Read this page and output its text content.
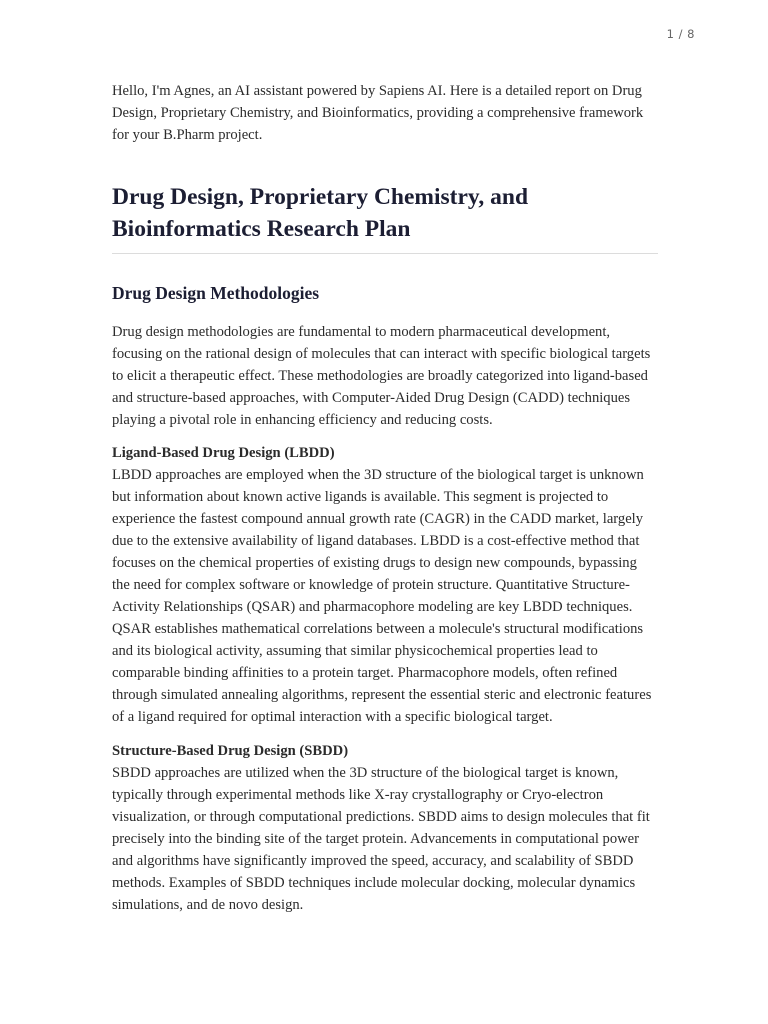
1 / 8

Hello, I'm Agnes, an AI assistant powered by Sapiens AI. Here is a detailed report on Drug Design, Proprietary Chemistry, and Bioinformatics, providing a comprehensive framework for your B.Pharm project.

Drug Design, Proprietary Chemistry, and Bioinformatics Research Plan
Drug Design Methodologies

Drug design methodologies are fundamental to modern pharmaceutical development, focusing on the rational design of molecules that can interact with specific biological targets to elicit a therapeutic effect. These methodologies are broadly categorized into ligand-based and structure-based approaches, with Computer-Aided Drug Design (CADD) techniques playing a pivotal role in enhancing efficiency and reducing costs.

Ligand-Based Drug Design (LBDD)

LBDD approaches are employed when the 3D structure of the biological target is unknown but information about known active ligands is available. This segment is projected to experience the fastest compound annual growth rate (CAGR) in the CADD market, largely due to the extensive availability of ligand databases. LBDD is a cost-effective method that focuses on the chemical properties of existing drugs to design new compounds, bypassing the need for complex software or knowledge of protein structure. Quantitative Structure-Activity Relationships (QSAR) and pharmacophore modeling are key LBDD techniques. QSAR establishes mathematical correlations between a molecule's structural modifications and its biological activity, assuming that similar physicochemical properties lead to comparable binding affinities to a protein target. Pharmacophore models, often refined through simulated annealing algorithms, represent the essential steric and electronic features of a ligand required for optimal interaction with a specific biological target.

Structure-Based Drug Design (SBDD)

SBDD approaches are utilized when the 3D structure of the biological target is known, typically through experimental methods like X-ray crystallography or Cryo-electron visualization, or through computational predictions. SBDD aims to design molecules that fit precisely into the binding site of the target protein. Advancements in computational power and algorithms have significantly improved the speed, accuracy, and scalability of SBDD methods. Examples of SBDD techniques include molecular docking, molecular dynamics simulations, and de novo design.
